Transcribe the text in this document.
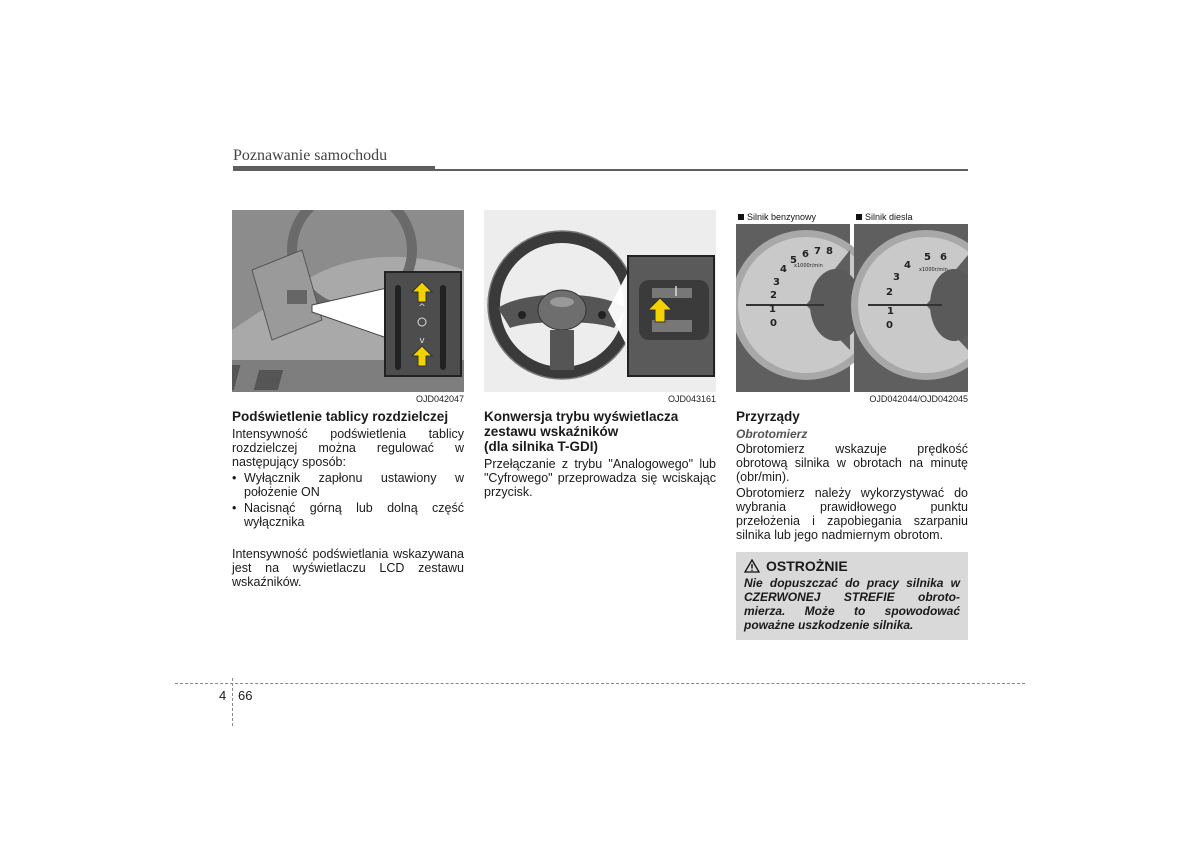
Poznawanie samochodu
^
v
OJD042047
Podświetlenie tablicy rozdzielczej

Intensywność podświetlenia tablicy rozdzielczej można regulować w następujący sposób:

• Wyłącznik zapłonu ustawiony w położenie ON
• Nacisnąć górną lub dolną część wyłącznika

Intensywność podświetlania wskazywana jest na wyświetlaczu LCD zestawu wskaźników.

OJD043161
Konwersja trybu wyświetlacza
zestawu wskaźników
(dla silnika T-GDI)

Przełączanie z trybu "Analogowego" lub "Cyfrowego" przeprowadza się wciskając przycisk.

0
1
2
3
4
5
6 7 8
x1000r/min
0
1
2
3
4
5 6
x1000r/min
Silnik benzynowy	Silnik diesla
OJD042044/OJD042045
Przyrządy
Obrotomierz

Obrotomierz wskazuje prędkość obrotową silnika w obrotach na minutę (obr/min).

Obrotomierz należy wykorzystywać do wybrania prawidłowego punktu przełożenia i zapobiegania szarpaniu silnika lub jego nadmiernym obrotom.

OSTROŻNIE
Nie dopuszczać do pracy silnika w CZERWONEJ STREFIE obroto-mierza. Może to spowodować poważne uszkodzenie silnika.
4 66
